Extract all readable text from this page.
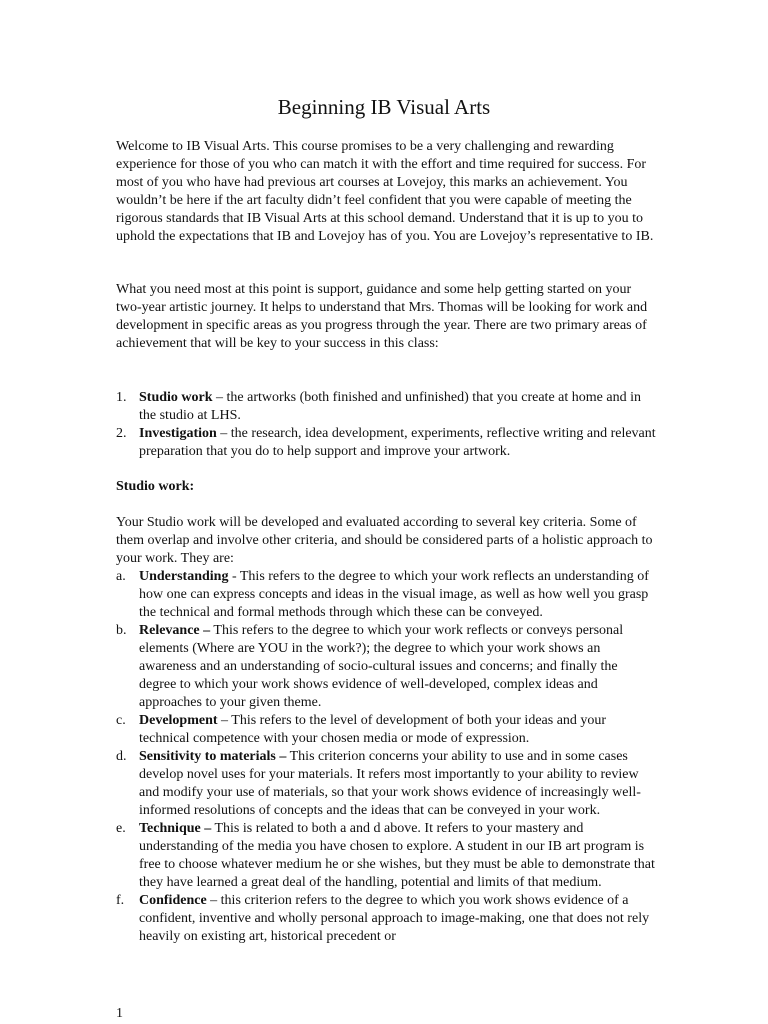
Beginning IB Visual Arts

Welcome to IB Visual Arts. This course promises to be a very challenging and rewarding experience for those of you who can match it with the effort and time required for success. For most of you who have had previous art courses at Lovejoy, this marks an achievement. You wouldn’t be here if the art faculty didn’t feel confident that you were capable of meeting the rigorous standards that IB Visual Arts at this school demand. Understand that it is up to you to uphold the expectations that IB and Lovejoy has of you. You are Lovejoy’s representative to IB.

What you need most at this point is support, guidance and some help getting started on your two-year artistic journey. It helps to understand that Mrs. Thomas will be looking for work and development in specific areas as you progress through the year. There are two primary areas of achievement that will be key to your success in this class:

1. Studio work – the artworks (both finished and unfinished) that you create at home and in the studio at LHS.
2. Investigation – the research, idea development, experiments, reflective writing and relevant preparation that you do to help support and improve your artwork.

Studio work:

Your Studio work will be developed and evaluated according to several key criteria. Some of them overlap and involve other criteria, and should be considered parts of a holistic approach to your work. They are:

a. Understanding - This refers to the degree to which your work reflects an understanding of how one can express concepts and ideas in the visual image, as well as how well you grasp the technical and formal methods through which these can be conveyed.
b. Relevance – This refers to the degree to which your work reflects or conveys personal elements (Where are YOU in the work?); the degree to which your work shows an awareness and an understanding of socio-cultural issues and concerns; and finally the degree to which your work shows evidence of well-developed, complex ideas and approaches to your given theme.
c. Development – This refers to the level of development of both your ideas and your technical competence with your chosen media or mode of expression.
d. Sensitivity to materials – This criterion concerns your ability to use and in some cases develop novel uses for your materials. It refers most importantly to your ability to review and modify your use of materials, so that your work shows evidence of increasingly well-informed resolutions of concepts and the ideas that can be conveyed in your work.
e. Technique – This is related to both a and d above. It refers to your mastery and understanding of the media you have chosen to explore. A student in our IB art program is free to choose whatever medium he or she wishes, but they must be able to demonstrate that they have learned a great deal of the handling, potential and limits of that medium.
f. Confidence – this criterion refers to the degree to which you work shows evidence of a confident, inventive and wholly personal approach to image-making, one that does not rely heavily on existing art, historical precedent or
1
